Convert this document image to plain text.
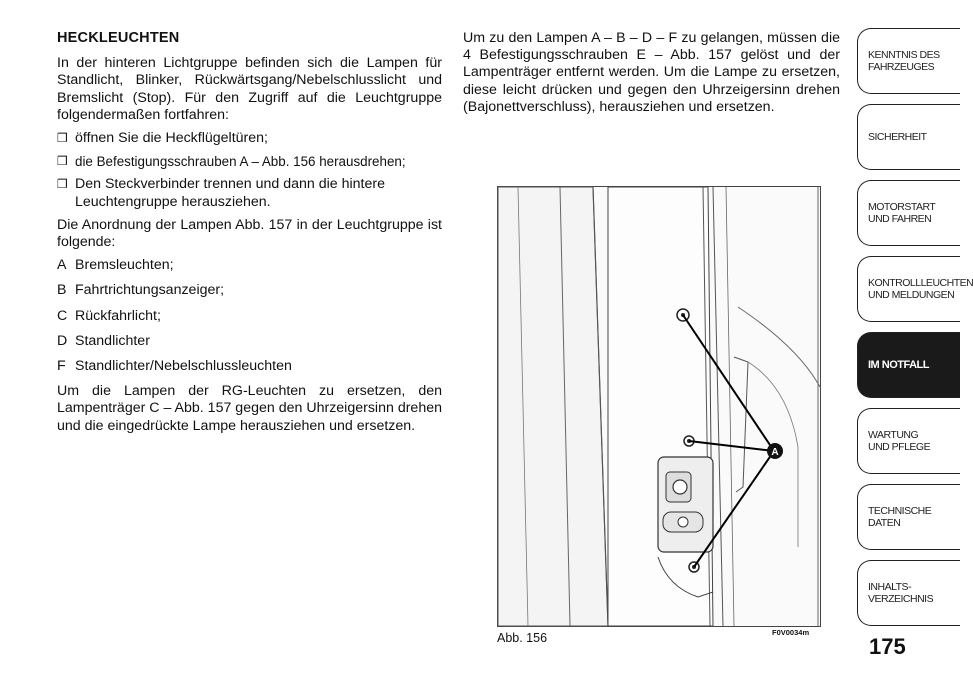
HECKLEUCHTEN

In der hinteren Lichtgruppe befinden sich die Lampen für Standlicht, Blinker, Rückwärtsgang/Nebelschlusslicht und Bremslicht (Stop). Für den Zugriff auf die Leuchtgruppe folgendermaßen fortfahren:

❒ öffnen Sie die Heckflügeltüren;
❒ die Befestigungsschrauben A – Abb. 156 herausdrehen;
❒ Den Steckverbinder trennen und dann die hintere Leuchtengruppe herausziehen.

Die Anordnung der Lampen Abb. 157 in der Leuchtgruppe ist folgende:

A Bremsleuchten;
B Fahrtrichtungsanzeiger;
C Rückfahrlicht;
D Standlichter
F Standlichter/Nebelschlussleuchten

Um die Lampen der RG-Leuchten zu ersetzen, den Lampenträger C – Abb. 157 gegen den Uhrzeigersinn drehen und die eingedrückte Lampe herausziehen und ersetzen.

Um zu den Lampen A – B – D – F zu gelangen, müssen die 4 Befestigungsschrauben E – Abb. 157 gelöst und der Lampenträger entfernt werden. Um die Lampe zu ersetzen, diese leicht drücken und gegen den Uhrzeigersinn drehen (Bajonettverschluss), herausziehen und ersetzen.

A
Abb. 156	F0V0034m
175
KENNTNIS DES
FAHRZEUGES
SICHERHEIT
MOTORSTART
UND FAHREN
KONTROLLLEUCHTEN
UND MELDUNGEN
IM NOTFALL
WARTUNG
UND PFLEGE
TECHNISCHE DATEN
INHALTS-
VERZEICHNIS
